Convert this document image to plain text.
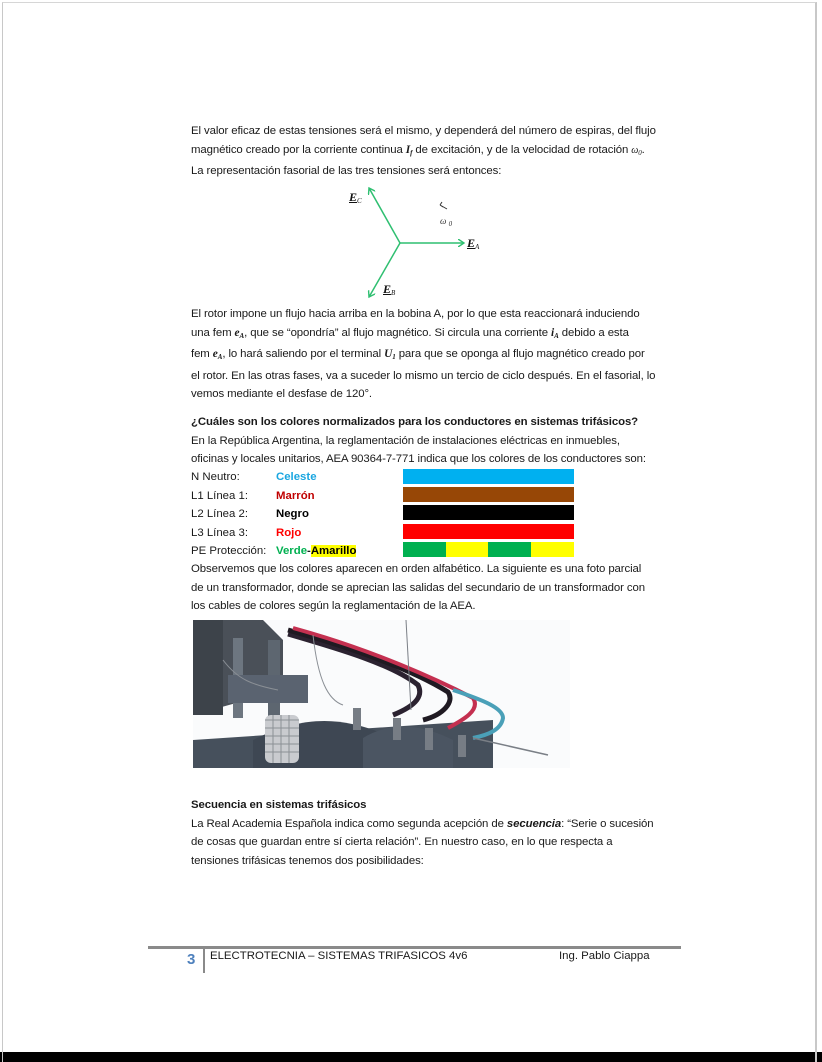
El valor eficaz de estas tensiones será el mismo, y dependerá del número de espiras, del flujo
magnético creado por la corriente continua $I_f$ de excitación, y de la velocidad de rotación $\omega_0$.
La representación fasorial de las tres tensiones será entonces:
$E_C$
$E_A$
$E_B$
ω $_0$
El rotor impone un flujo hacia arriba en la bobina A, por lo que esta reaccionará induciendo
una fem $e_A$, que se “opondría” al flujo magnético. Si circula una corriente $i_A$ debido a esta
fem $e_A$, lo hará saliendo por el terminal $U_1$ para que se oponga al flujo magnético creado por
el rotor. En las otras fases, va a suceder lo mismo un tercio de ciclo después. En el fasorial, lo
vemos mediante el desfase de 120°.
¿Cuáles son los colores normalizados para los conductores en sistemas trifásicos?
En la República Argentina, la reglamentación de instalaciones eléctricas en inmuebles,
oficinas y locales unitarios, AEA 90364-7-771 indica que los colores de los conductores son:
N Neutro:	Celeste
L1 Línea 1: Marrón
L2 Línea 2: Negro
L3 Línea 3: Rojo
PE Protección: Verde-Amarillo
Observemos que los colores aparecen en orden alfabético. La siguiente es una foto parcial
de un transformador, donde se aprecian las salidas del secundario de un transformador con
los cables de colores según la reglamentación de la AEA.
Secuencia en sistemas trifásicos
La Real Academia Española indica como segunda acepción de secuencia: “Serie o sucesión
de cosas que guardan entre sí cierta relación”. En nuestro caso, en lo que respecta a
tensiones trifásicas tenemos dos posibilidades:
3 ELECTROTECNIA – SISTEMAS TRIFASICOS 4v6	Ing. Pablo Ciappa
